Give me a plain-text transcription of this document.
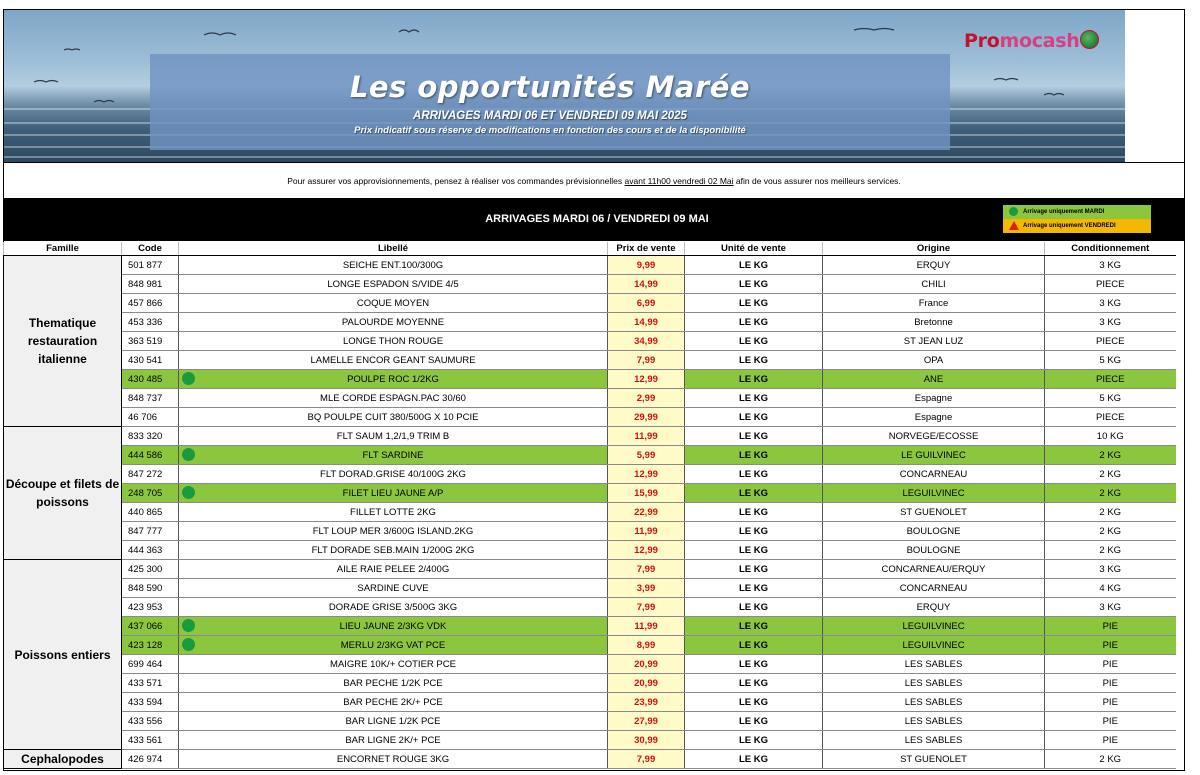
Les opportunités Marée
ARRIVAGES MARDI 06 ET VENDREDI 09 MAI 2025
Prix indicatif sous réserve de modifications en fonction des cours et de la disponibilité
Promocash
Pour assurer vos approvisionnements, pensez à réaliser vos commandes prévisionnelles avant 11h00 vendredi 02 Mai afin de vous assurer nos meilleurs services.
ARRIVAGES MARDI 06 / VENDREDI 09 MAI
Arrivage uniquement MARDI
Arrivage uniquement VENDREDI
Famille	Code	Libellé	Prix de vente	Unité de vente	Origine	Conditionnement
Thematique restauration italienne	501 877	SEICHE ENT.100/300G	9,99	LE KG	ERQUY	3 KG
	848 981	LONGE ESPADON S/VIDE 4/5	14,99	LE KG	CHILI	PIECE
	457 866	COQUE MOYEN	6,99	LE KG	France	3 KG
	453 336	PALOURDE MOYENNE	14,99	LE KG	Bretonne	3 KG
	363 519	LONGE THON ROUGE	34,99	LE KG	ST JEAN LUZ	PIECE
	430 541	LAMELLE ENCOR GEANT SAUMURE	7,99	LE KG	OPA	5 KG
	430 485	POULPE ROC 1/2KG	12,99	LE KG	ANE	PIECE
	848 737	MLE CORDE ESPAGN.PAC 30/60	2,99	LE KG	Espagne	5 KG
	46 706	BQ POULPE CUIT 380/500G X 10 PCIE	29,99	LE KG	Espagne	PIECE
Découpe et filets de poissons	833 320	FLT SAUM 1,2/1,9 TRIM B	11,99	LE KG	NORVEGE/ECOSSE	10 KG
	444 586	FLT SARDINE	5,99	LE KG	LE GUILVINEC	2 KG
	847 272	FLT DORAD.GRISE 40/100G 2KG	12,99	LE KG	CONCARNEAU	2 KG
	248 705	FILET LIEU JAUNE A/P	15,99	LE KG	LEGUILVINEC	2 KG
	440 865	FILLET LOTTE 2KG	22,99	LE KG	ST GUENOLET	2 KG
	847 777	FLT LOUP MER 3/600G ISLAND.2KG	11,99	LE KG	BOULOGNE	2 KG
	444 363	FLT DORADE SEB.MAIN 1/200G 2KG	12,99	LE KG	BOULOGNE	2 KG
Poissons entiers	425 300	AILE RAIE PELEE 2/400G	7,99	LE KG	CONCARNEAU/ERQUY	3 KG
	848 590	SARDINE CUVE	3,99	LE KG	CONCARNEAU	4 KG
	423 953	DORADE GRISE 3/500G 3KG	7,99	LE KG	ERQUY	3 KG
	437 066	LIEU JAUNE 2/3KG VDK	11,99	LE KG	LEGUILVINEC	PIE
	423 128	MERLU 2/3KG VAT PCE	8,99	LE KG	LEGUILVINEC	PIE
	699 464	MAIGRE 10K/+ COTIER PCE	20,99	LE KG	LES SABLES	PIE
	433 571	BAR PECHE 1/2K PCE	20,99	LE KG	LES SABLES	PIE
	433 594	BAR PECHE 2K/+ PCE	23,99	LE KG	LES SABLES	PIE
	433 556	BAR LIGNE 1/2K PCE	27,99	LE KG	LES SABLES	PIE
	433 561	BAR LIGNE 2K/+ PCE	30,99	LE KG	LES SABLES	PIE
Cephalopodes	426 974	ENCORNET ROUGE 3KG	7,99	LE KG	ST GUENOLET	2 KG
